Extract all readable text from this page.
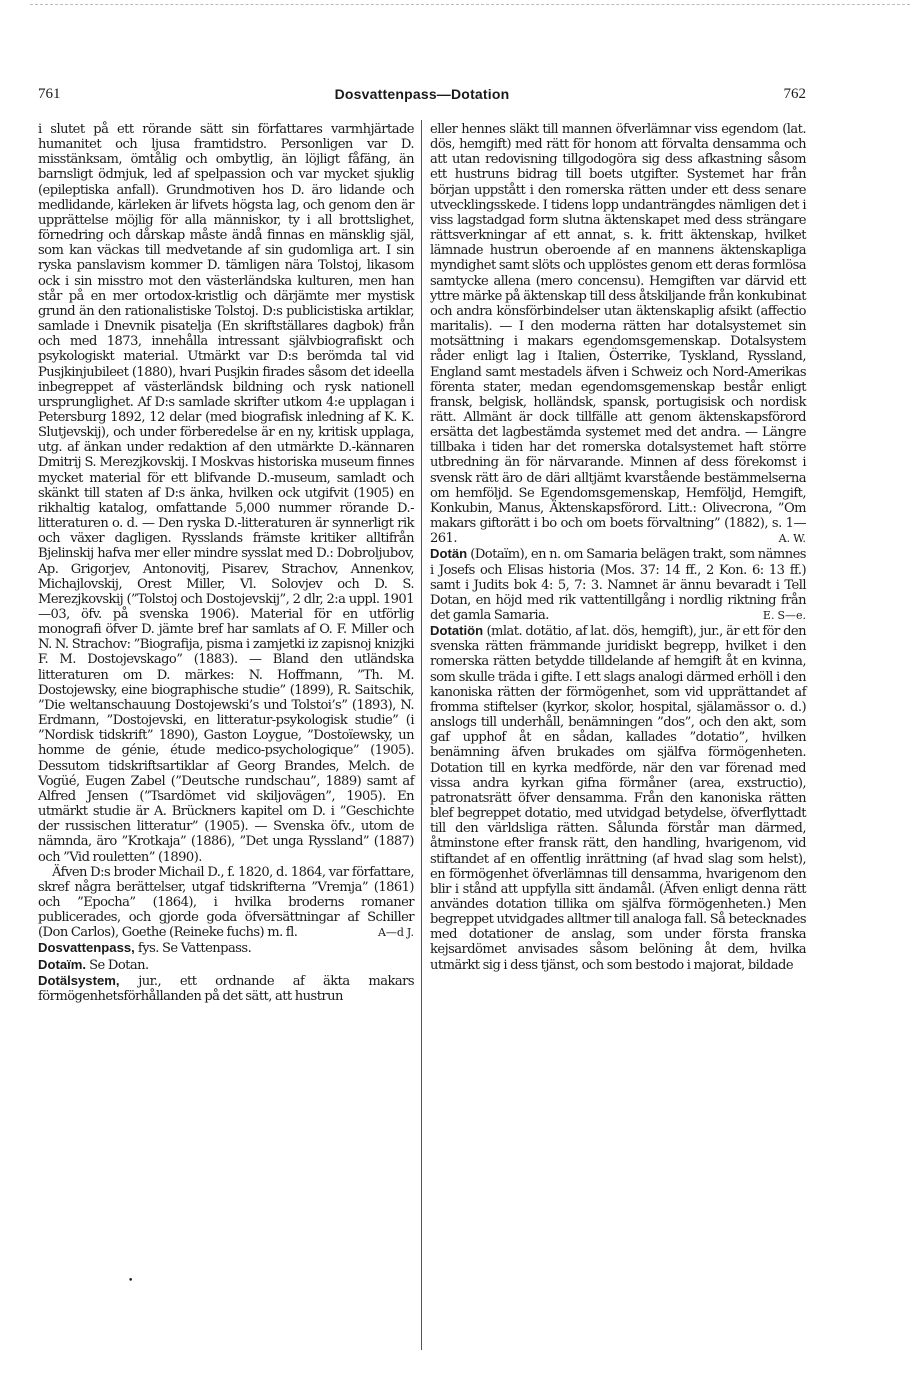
761	Dosvattenpass—Dotation	762

i slutet på ett rörande sätt sin författares varmhjärtade humanitet och ljusa framtidstro. Personligen var D. misstänksam, ömtålig och ombytlig, än löjligt fåfäng, än barnsligt ödmjuk, led af spelpassion och var mycket sjuklig (epileptiska anfall). Grundmotiven hos D. äro lidande och medlidande, kärleken är lifvets högsta lag, och genom den är upprättelse möjlig för alla människor, ty i all brottslighet, förnedring och dårskap måste ändå finnas en mänsklig själ, som kan väckas till medvetande af sin gudomliga art. I sin ryska panslavism kommer D. tämligen nära Tolstoj, likasom ock i sin misstro mot den västerländska kulturen, men han står på en mer ortodox-kristlig och därjämte mer mystisk grund än den rationalistiske Tolstoj. D:s publicistiska artiklar, samlade i Dnevnik pisatelja (En skriftställares dagbok) från och med 1873, innehålla intressant självbiografiskt och psykologiskt material. Utmärkt var D:s berömda tal vid Pusjkinjubileet (1880), hvari Pusjkin firades såsom det ideella inbegreppet af västerländsk bildning och rysk nationell ursprunglighet. Af D:s samlade skrifter utkom 4:e upplagan i Petersburg 1892, 12 delar (med biografisk inledning af K. K. Slutjevskij), och under förberedelse är en ny, kritisk upplaga, utg. af änkan under redaktion af den utmärkte D.-kännaren Dmitrij S. Merezjkovskij. I Moskvas historiska museum finnes mycket material för ett blifvande D.-museum, samladt och skänkt till staten af D:s änka, hvilken ock utgifvit (1905) en rikhaltig katalog, omfattande 5,000 nummer rörande D.-litteraturen o. d. — Den ryska D.-litteraturen är synnerligt rik och växer dagligen. Rysslands främste kritiker alltifrån Bjelinskij hafva mer eller mindre sysslat med D.: Dobroljubov, Ap. Grigorjev, Antonovitj, Pisarev, Strachov, Annenkov, Michajlovskij, Orest Miller, Vl. Solovjev och D. S. Merezjkovskij (”Tolstoj och Dostojevskij”, 2 dlr, 2:a uppl. 1901—03, öfv. på svenska 1906). Material för en utförlig monografi öfver D. jämte bref har samlats af O. F. Miller och N. N. Strachov: ”Biografija, pisma i zamjetki iz zapisnoj knizjki F. M. Dostojevskago” (1883). — Bland den utländska litteraturen om D. märkes: N. Hoffmann, ”Th. M. Dostojewsky, eine biographische studie” (1899), R. Saitschik, ”Die weltanschauung Dostojewski’s und Tolstoi’s” (1893), N. Erdmann, ”Dostojevski, en litteratur-psykologisk studie” (i ”Nordisk tidskrift” 1890), Gaston Loygue, ”Dostoïewsky, un homme de génie, étude medico-psychologique” (1905). Dessutom tidskriftsartiklar af Georg Brandes, Melch. de Vogüé, Eugen Zabel (”Deutsche rundschau”, 1889) samt af Alfred Jensen (”Tsardömet vid skiljovägen”, 1905). En utmärkt studie är A. Brückners kapitel om D. i ”Geschichte der russischen litteratur” (1905). — Svenska öfv., utom de nämnda, äro ”Krotkaja” (1886), ”Det unga Ryssland” (1887) och ”Vid rouletten” (1890).

Äfven D:s broder Michail D., f. 1820, d. 1864, var författare, skref några berättelser, utgaf tidskrifterna ”Vremja” (1861) och ”Epocha” (1864), i hvilka broderns romaner publicerades, och gjorde goda öfversättningar af Schiller (Don Carlos), Goethe (Reineke fuchs) m. fl.	A—d J.

Dosvattenpass, fys. Se Vattenpass.

Dotaïm. Se Dotan.

Dotälsystem, jur., ett ordnande af äkta makars förmögenhetsförhållanden på det sätt, att hustrun

eller hennes släkt till mannen öfverlämnar viss egendom (lat. dös, hemgift) med rätt för honom att förvalta densamma och att utan redovisning tillgodogöra sig dess afkastning såsom ett hustruns bidrag till boets utgifter. Systemet har från början uppstått i den romerska rätten under ett dess senare utvecklingsskede. I tidens lopp undanträngdes nämligen det i viss lagstadgad form slutna äktenskapet med dess strängare rättsverkningar af ett annat, s. k. fritt äktenskap, hvilket lämnade hustrun oberoende af en mannens äktenskapliga myndighet samt slöts och upplöstes genom ett deras formlösa samtycke allena (mero concensu). Hemgiften var därvid ett yttre märke på äktenskap till dess åtskiljande från konkubinat och andra könsförbindelser utan äktenskaplig afsikt (affectio maritalis). — I den moderna rätten har dotalsystemet sin motsättning i makars egendomsgemenskap. Dotalsystem råder enligt lag i Italien, Österrike, Tyskland, Ryssland, England samt mestadels äfven i Schweiz och Nord-Amerikas förenta stater, medan egendomsgemenskap består enligt fransk, belgisk, holländsk, spansk, portugisisk och nordisk rätt. Allmänt är dock tillfälle att genom äktenskapsförord ersätta det lagbestämda systemet med det andra. — Längre tillbaka i tiden har det romerska dotalsystemet haft större utbredning än för närvarande. Minnen af dess förekomst i svensk rätt äro de däri alltjämt kvarstående bestämmelserna om hemföljd. Se Egendomsgemenskap, Hemföljd, Hemgift, Konkubin, Manus, Äktenskapsförord. Litt.: Olivecrona, ”Om makars giftorätt i bo och om boets förvaltning” (1882), s. 1—261.	A. W.

Dotän (Dotaïm), en n. om Samaria belägen trakt, som nämnes i Josefs och Elisas historia (Mos. 37: 14 ff., 2 Kon. 6: 13 ff.) samt i Judits bok 4: 5, 7: 3. Namnet är ännu bevaradt i Tell Dotan, en höjd med rik vattentillgång i nordlig riktning från det gamla Samaria.	E. S—e.

Dotatiön (mlat. dotätio, af lat. dös, hemgift), jur., är ett för den svenska rätten främmande juridiskt begrepp, hvilket i den romerska rätten betydde tilldelande af hemgift åt en kvinna, som skulle träda i gifte. I ett slags analogi därmed erhöll i den kanoniska rätten der förmögenhet, som vid upprättandet af fromma stiftelser (kyrkor, skolor, hospital, själamässor o. d.) anslogs till underhåll, benämningen ”dos”, och den akt, som gaf upphof åt en sådan, kallades ”dotatio”, hvilken benämning äfven brukades om själfva förmögenheten. Dotation till en kyrka medförde, när den var förenad med vissa andra kyrkan gifna förmåner (area, exstructio), patronatsrätt öfver densamma. Från den kanoniska rätten blef begreppet dotatio, med utvidgad betydelse, öfverflyttadt till den världsliga rätten. Sålunda förstår man därmed, åtminstone efter fransk rätt, den handling, hvarigenom, vid stiftandet af en offentlig inrättning (af hvad slag som helst), en förmögenhet öfverlämnas till densamma, hvarigenom den blir i stånd att uppfylla sitt ändamål. (Äfven enligt denna rätt användes dotation tillika om själfva förmögenheten.) Men begreppet utvidgades alltmer till analoga fall. Så betecknades med dotationer de anslag, som under första franska kejsardömet anvisades såsom belöning åt dem, hvilka utmärkt sig i dess tjänst, och som bestodo i majorat, bildade

•
